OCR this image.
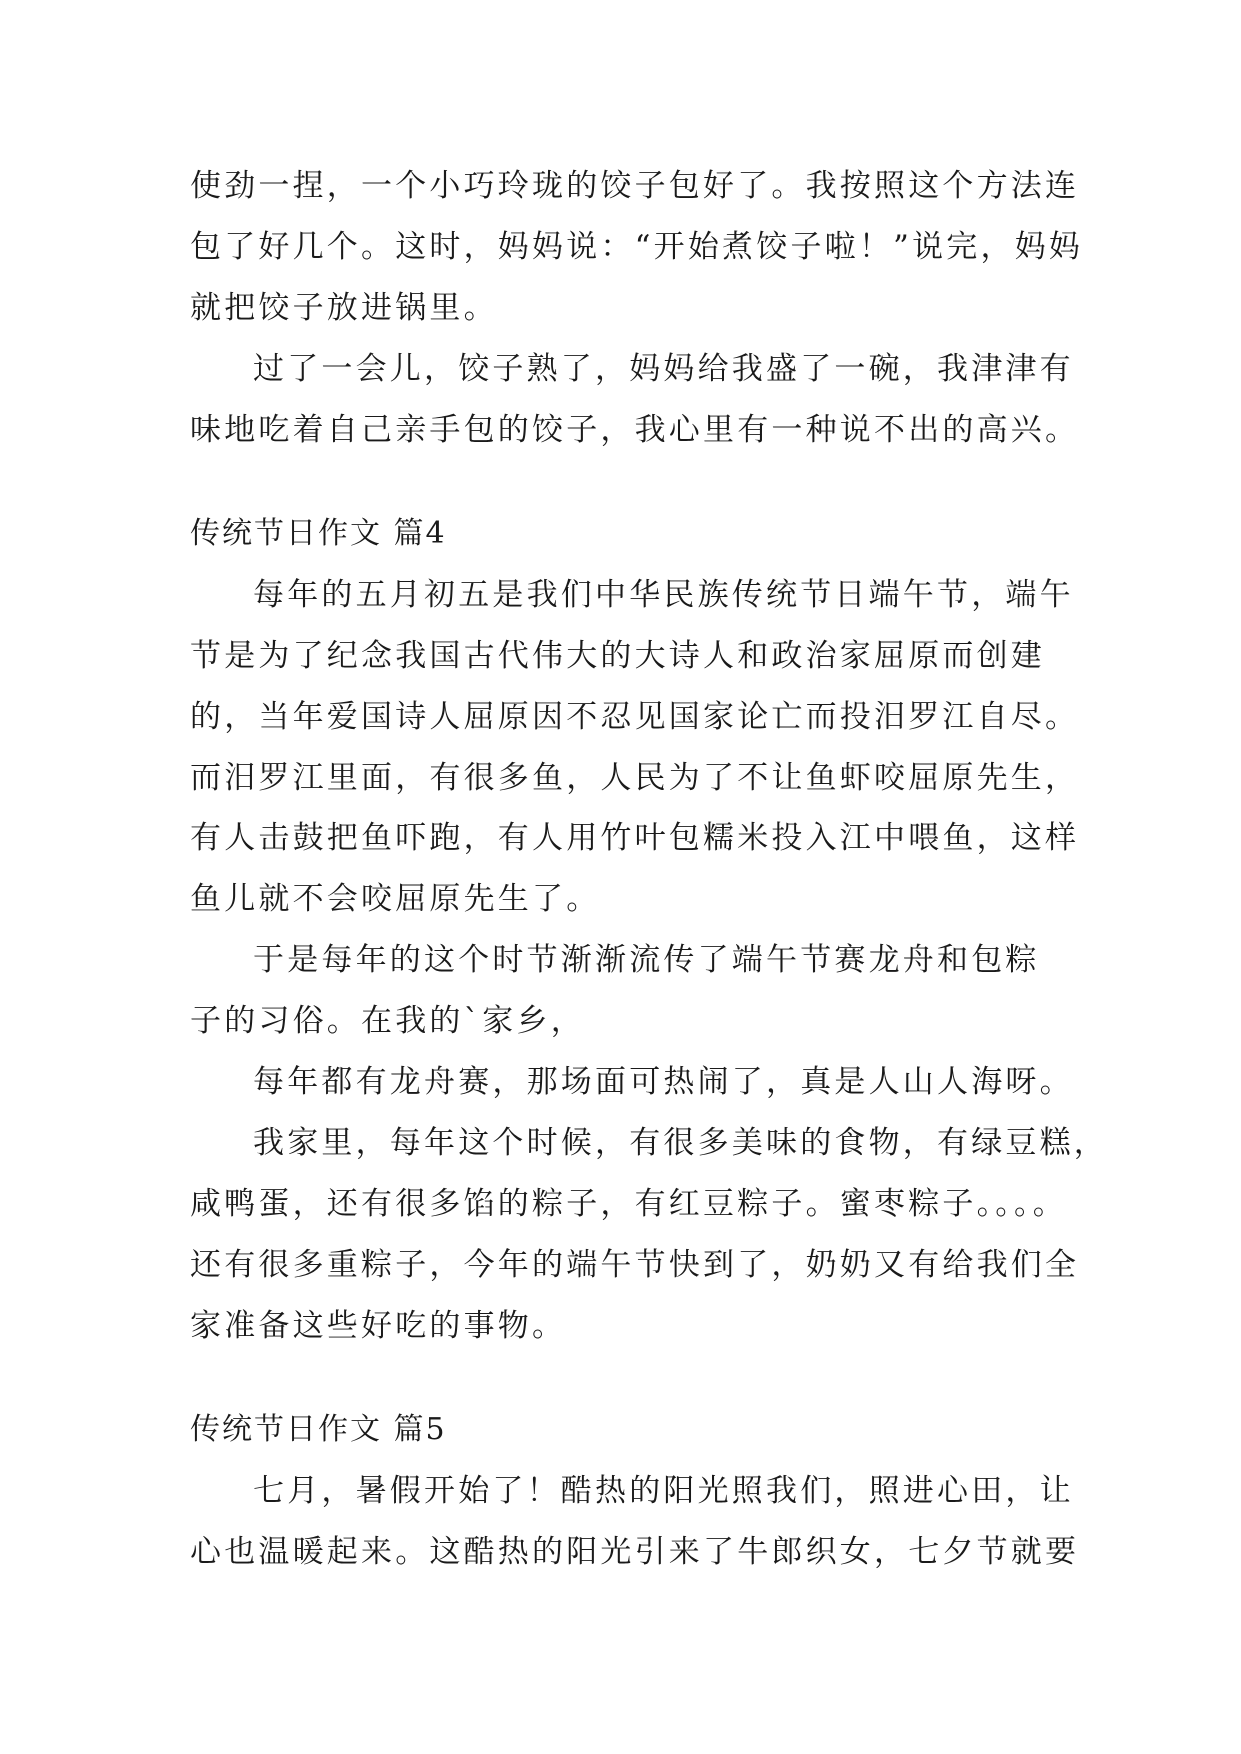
使劲一捏，一个小巧玲珑的饺子包好了。我按照这个方法连
包了好几个。这时，妈妈说：“开始煮饺子啦！”说完，妈妈
就把饺子放进锅里。
过了一会儿，饺子熟了，妈妈给我盛了一碗，我津津有
味地吃着自己亲手包的饺子，我心里有一种说不出的高兴。
传统节日作文 篇4
每年的五月初五是我们中华民族传统节日端午节，端午
节是为了纪念我国古代伟大的大诗人和政治家屈原而创建
的，当年爱国诗人屈原因不忍见国家论亡而投汨罗江自尽。
而汨罗江里面，有很多鱼，人民为了不让鱼虾咬屈原先生，
有人击鼓把鱼吓跑，有人用竹叶包糯米投入江中喂鱼，这样
鱼儿就不会咬屈原先生了。
于是每年的这个时节渐渐流传了端午节赛龙舟和包粽
子的习俗。在我的`家乡，
每年都有龙舟赛，那场面可热闹了，真是人山人海呀。
我家里，每年这个时候，有很多美味的食物，有绿豆糕，
咸鸭蛋，还有很多馅的粽子，有红豆粽子。蜜枣粽子。。。。
还有很多重粽子，今年的端午节快到了，奶奶又有给我们全
家准备这些好吃的事物。
传统节日作文 篇5
七月，暑假开始了！酷热的阳光照我们，照进心田，让
心也温暖起来。这酷热的阳光引来了牛郎织女，七夕节就要
